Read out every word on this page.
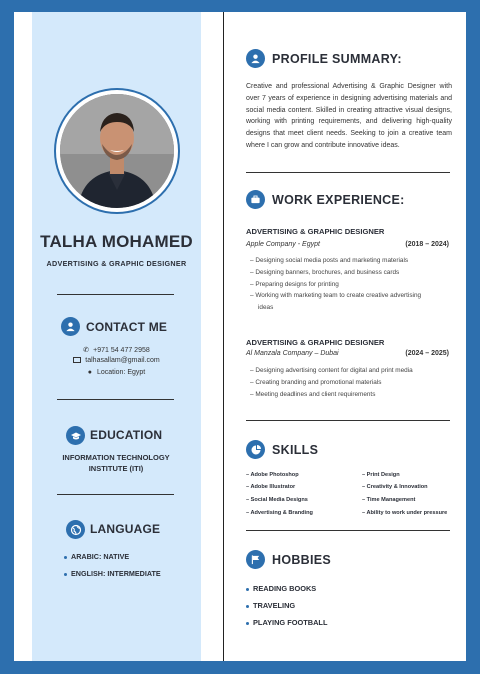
TALHA MOHAMED
ADVERTISING & GRAPHIC DESIGNER
CONTACT ME
✆ +971 54 477 2958
talhasallam@gmail.com
● Location: Egypt
EDUCATION
INFORMATION TECHNOLOGY INSTITUTE (ITI)
LANGUAGE
ARABIC: NATIVE
ENGLISH: INTERMEDIATE
PROFILE SUMMARY:
Creative and professional Advertising & Graphic Designer with over 7 years of experience in designing advertising materials and social media content. Skilled in creating attractive visual designs, working with printing requirements, and delivering high-quality designs that meet client needs. Seeking to join a creative team where I can grow and contribute innovative ideas.
WORK EXPERIENCE:
ADVERTISING & GRAPHIC DESIGNER
Apple Company - Egypt	(2018 – 2024)
– Designing social media posts and marketing materials
– Designing banners, brochures, and business cards
– Preparing designs for printing
– Working with marketing team to create creative advertising
ideas
ADVERTISING & GRAPHIC DESIGNER
Al Manzala Company – Dubai	(2024 – 2025)
– Designing advertising content for digital and print media
– Creating branding and promotional materials
– Meeting deadlines and client requirements
SKILLS
– Adobe Photoshop
– Adobe Illustrator
– Social Media Designs
– Advertising & Branding
– Print Design
– Creativity & Innovation
– Time Management
– Ability to work under pressure
HOBBIES
READING BOOKS
TRAVELING
PLAYING FOOTBALL
